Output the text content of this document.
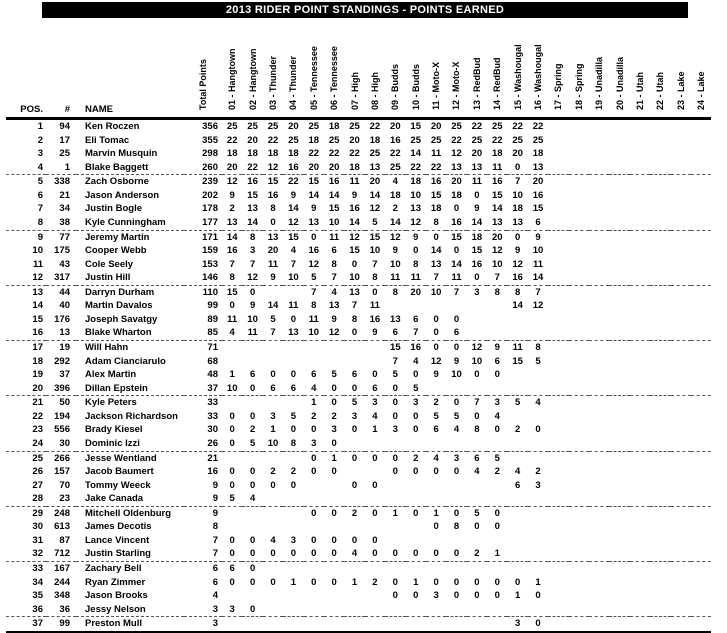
2013 RIDER POINT STANDINGS - POINTS EARNED
POS.	#	NAME	Total Points	01 - Hangtown	02 - Hangtown	03 - Thunder	04 - Thunder	05 - Tennessee	06 - Tennessee	07 - High	08 - High	09 - Budds	10 - Budds	11 - Moto-X	12 - Moto-X	13 - RedBud	14 - RedBud	15 - Washougal	16 - Washougal	17 - Spring	18 - Spring	19 - Unadilla	20 - Unadilla	21 - Utah	22 - Utah	23 - Lake	24 - Lake
1	94	Ken Roczen	356	25	25	25	20	25	18	25	22	20	15	20	25	22	25	22	22								
2	17	Eli Tomac	355	22	20	22	25	18	25	20	18	16	25	25	22	25	22	25	25								
3	25	Marvin Musquin	298	18	18	18	18	22	22	22	25	22	14	11	12	20	18	20	18								
4	1	Blake Baggett	260	20	22	12	16	20	20	18	13	25	22	22	13	13	11	0	13								
5	338	Zach Osborne	239	12	16	15	22	15	16	11	20	4	18	16	20	11	16	7	20								
6	21	Jason Anderson	202	9	15	16	9	14	14	9	14	18	10	15	18	0	15	10	16								
7	34	Justin Bogle	178	2	13	8	14	9	15	16	12	2	13	18	0	9	14	18	15								
8	38	Kyle Cunningham	177	13	14	0	12	13	10	14	5	14	12	8	16	14	13	13	6								
9	77	Jeremy Martin	171	14	8	13	15	0	11	12	15	12	9	0	15	18	20	0	9								
10	175	Cooper Webb	159	16	3	20	4	16	6	15	10	9	0	14	0	15	12	9	10								
11	43	Cole Seely	153	7	7	11	7	12	8	0	7	10	8	13	14	16	10	12	11								
12	317	Justin Hill	146	8	12	9	10	5	7	10	8	11	11	7	11	0	7	16	14								
13	44	Darryn Durham	110	15	0			7	4	13	0	8	20	10	7	3	8	8	7								
14	40	Martin Davalos	99	0	9	14	11	8	13	7	11							14	12								
15	176	Joseph Savatgy	89	11	10	5	0	11	9	8	16	13	6	0	0												
16	13	Blake Wharton	85	4	11	7	13	10	12	0	9	6	7	0	6												
17	19	Will Hahn	71									15	16	0	0	12	9	11	8								
18	292	Adam Cianciarulo	68									7	4	12	9	10	6	15	5								
19	37	Alex Martin	48	1	6	0	0	6	5	6	0	5	0	9	10	0	0										
20	396	Dillan Epstein	37	10	0	6	6	4	0	0	6	0	5														
21	50	Kyle Peters	33					1	0	5	3	0	3	2	0	7	3	5	4								
22	194	Jackson Richardson	33	0	0	3	5	2	2	3	4	0	0	5	5	0	4										
23	556	Brady Kiesel	30	0	2	1	0	0	3	0	1	3	0	6	4	8	0	2	0								
24	30	Dominic Izzi	26	0	5	10	8	3	0																		
25	266	Jesse Wentland	21					0	1	0	0	0	2	4	3	6	5										
26	157	Jacob Baumert	16	0	0	2	2	0	0			0	0	0	0	4	2	4	2								
27	70	Tommy Weeck	9	0	0	0	0			0	0							6	3								
28	23	Jake Canada	9	5	4																						
29	248	Mitchell Oldenburg	9					0	0	2	0	1	0	1	0	5	0										
30	613	James Decotis	8											0	8	0	0										
31	87	Lance Vincent	7	0	0	4	3	0	0	0	0																
32	712	Justin Starling	7	0	0	0	0	0	0	4	0	0	0	0	0	2	1										
33	167	Zachary Bell	6	6	0																						
34	244	Ryan Zimmer	6	0	0	0	1	0	0	1	2	0	1	0	0	0	0	0	1								
35	348	Jason Brooks	4									0	0	3	0	0	0	1	0								
36	36	Jessy Nelson	3	3	0																						
37	99	Preston Mull	3															3	0								
